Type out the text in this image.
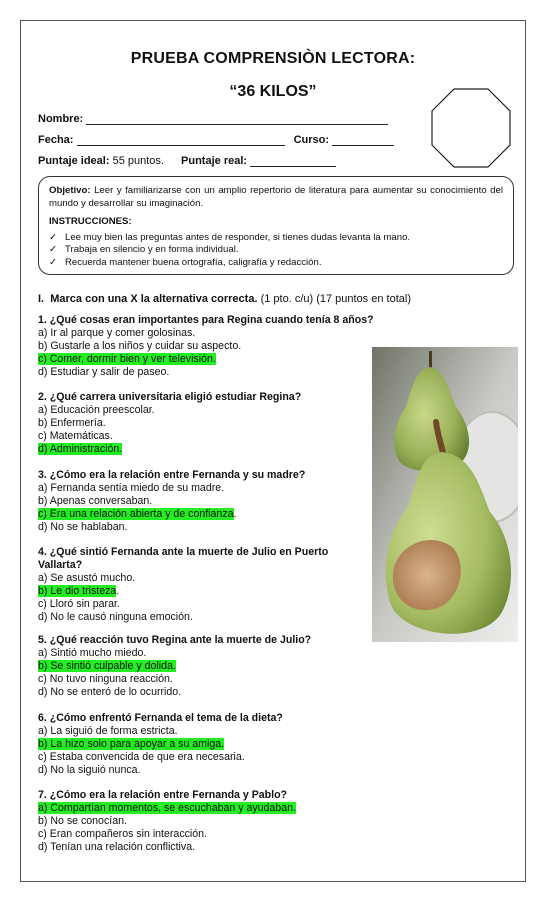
PRUEBA COMPRENSIÒN LECTORA:
“36 KILOS”
Nombre:
Fecha:	Curso:
Puntaje ideal: 55 puntos. Puntaje real:

Objetivo: Leer y familiarizarse con un amplio repertorio de literatura para aumentar su conocimiento del mundo y desarrollar su imaginación.

INSTRUCCIONES:

✓ Lee muy bien las preguntas antes de responder, si tienes dudas levanta la mano.
✓ Trabaja en silencio y en forma individual.
✓ Recuerda mantener buena ortografía, caligrafía y redacción.
I. Marca con una X la alternativa correcta. (1 pto. c/u) (17 puntos en total)
1. ¿Qué cosas eran importantes para Regina cuando tenía 8 años?
a) Ir al parque y comer golosinas.
b) Gustarle a los niños y cuidar su aspecto.
c) Comer, dormir bien y ver televisión.
d) Estudiar y salir de paseo.
2. ¿Qué carrera universitaria eligió estudiar Regina?
a) Educación preescolar.
b) Enfermería.
c) Matemáticas.
d) Administración.
3. ¿Cómo era la relación entre Fernanda y su madre?
a) Fernanda sentía miedo de su madre.
b) Apenas conversaban.
c) Era una relación abierta y de confianza.
d) No se hablaban.
4. ¿Qué sintió Fernanda ante la muerte de Julio en Puerto Vallarta?
a) Se asustó mucho.
b) Le dio tristeza.
c) Lloró sin parar.
d) No le causó ninguna emoción.
5. ¿Qué reacción tuvo Regina ante la muerte de Julio?
a) Sintió mucho miedo.
b) Se sintió culpable y dolida.
c) No tuvo ninguna reacción.
d) No se enteró de lo ocurrido.
6. ¿Cómo enfrentó Fernanda el tema de la dieta?
a) La siguió de forma estricta.
b) La hizo solo para apoyar a su amiga.
c) Estaba convencida de que era necesaria.
d) No la siguió nunca.
7. ¿Cómo era la relación entre Fernanda y Pablo?
a) Compartían momentos, se escuchaban y ayudaban.
b) No se conocían.
c) Eran compañeros sin interacción.
d) Tenían una relación conflictiva.
